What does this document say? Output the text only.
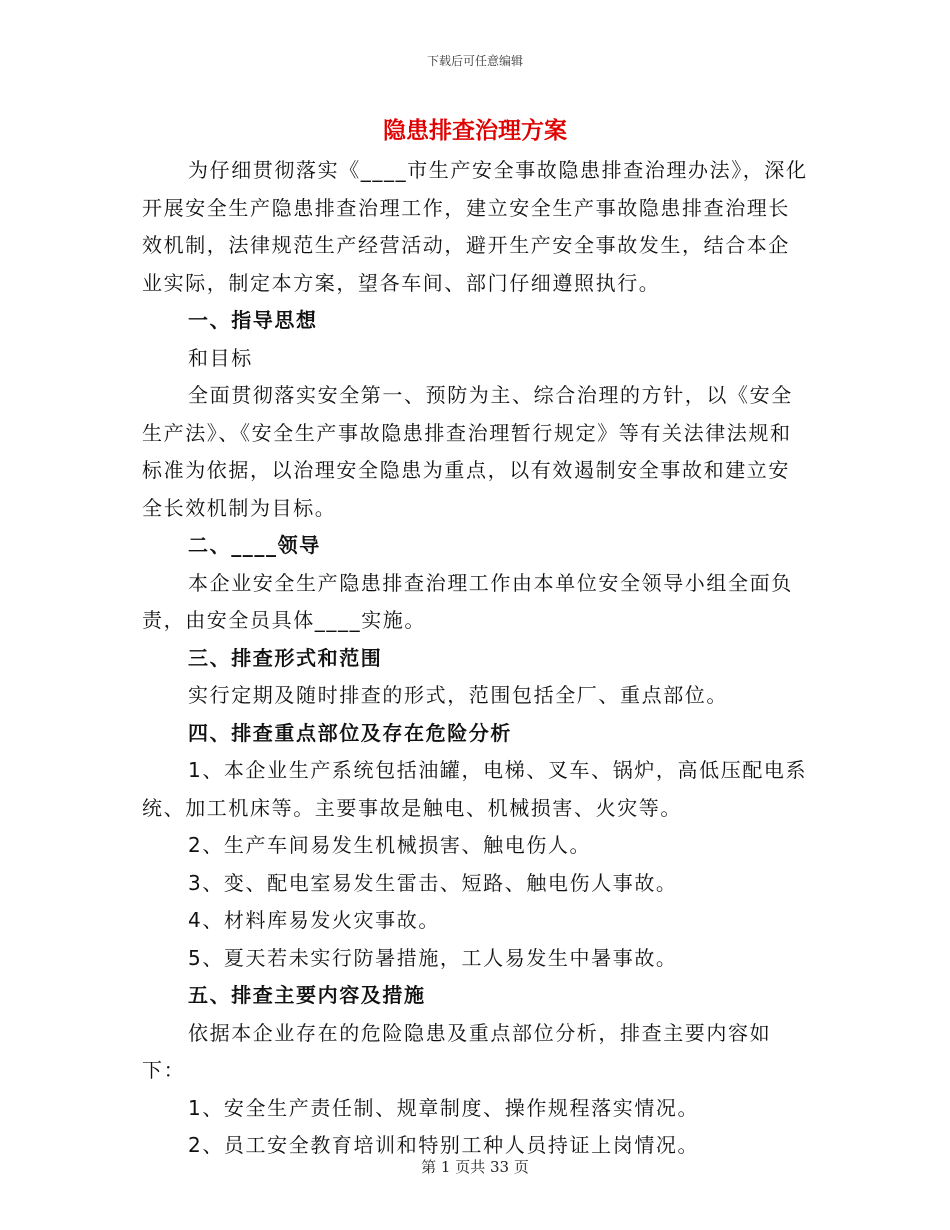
下载后可任意编辑
隐患排查治理方案

为仔细贯彻落实《____市生产安全事故隐患排查治理办法》，深化开展安全生产隐患排查治理工作，建立安全生产事故隐患排查治理长效机制，法律规范生产经营活动，避开生产安全事故发生，结合本企业实际，制定本方案，望各车间、部门仔细遵照执行。

一、指导思想

和目标

全面贯彻落实安全第一、预防为主、综合治理的方针，以《安全生产法》、《安全生产事故隐患排查治理暂行规定》等有关法律法规和标准为依据，以治理安全隐患为重点，以有效遏制安全事故和建立安全长效机制为目标。

二、____领导

本企业安全生产隐患排查治理工作由本单位安全领导小组全面负责，由安全员具体____实施。

三、排查形式和范围

实行定期及随时排查的形式，范围包括全厂、重点部位。

四、排查重点部位及存在危险分析

1、本企业生产系统包括油罐，电梯、叉车、锅炉，高低压配电系统、加工机床等。主要事故是触电、机械损害、火灾等。

2、生产车间易发生机械损害、触电伤人。

3、变、配电室易发生雷击、短路、触电伤人事故。

4、材料库易发火灾事故。

5、夏天若未实行防暑措施，工人易发生中暑事故。

五、排查主要内容及措施

依据本企业存在的危险隐患及重点部位分析，排查主要内容如下：

1、安全生产责任制、规章制度、操作规程落实情况。

2、员工安全教育培训和特别工种人员持证上岗情况。

第 1 页共 33 页
